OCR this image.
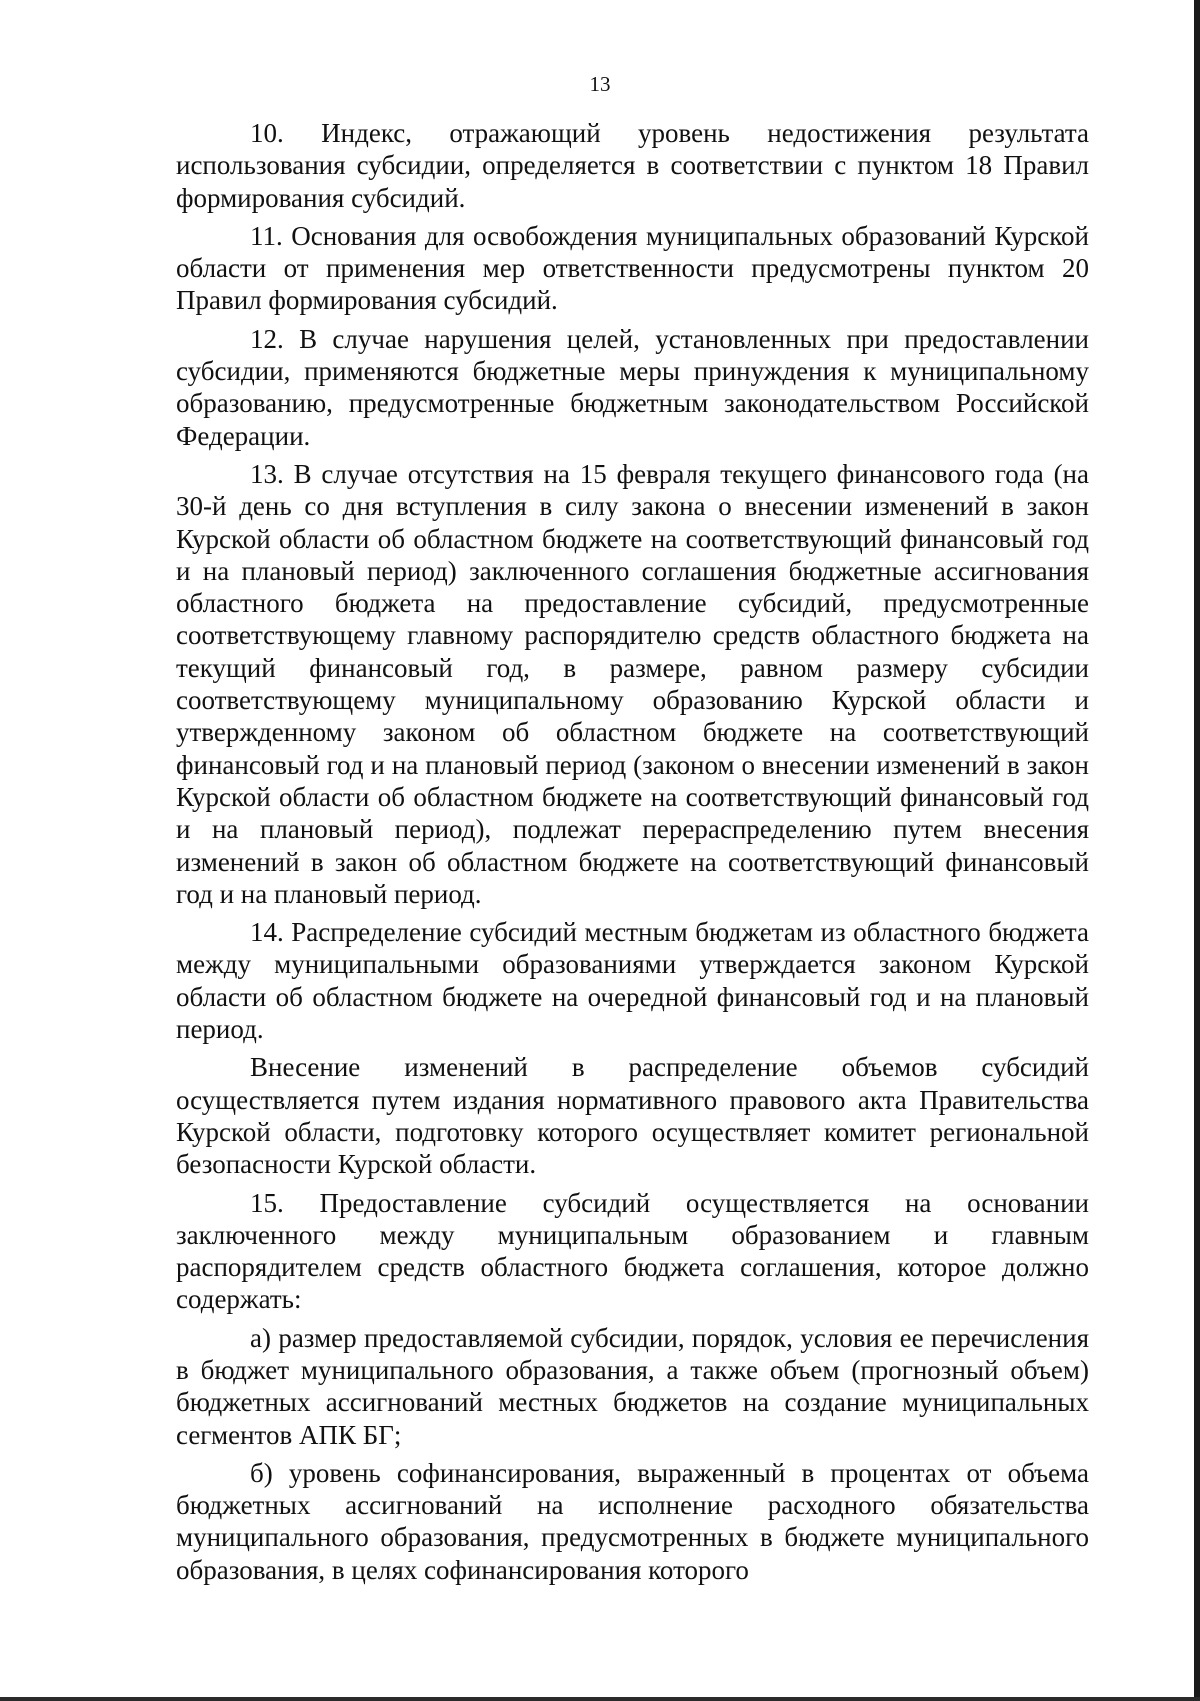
13

10. Индекс, отражающий уровень недостижения результата использования субсидии, определяется в соответствии с пунктом 18 Правил формирования субсидий.

11. Основания для освобождения муниципальных образований Курской области от применения мер ответственности предусмотрены пунктом 20 Правил формирования субсидий.

12. В случае нарушения целей, установленных при предоставлении субсидии, применяются бюджетные меры принуждения к муниципальному образованию, предусмотренные бюджетным законодательством Российской Федерации.

13. В случае отсутствия на 15 февраля текущего финансового года (на 30-й день со дня вступления в силу закона о внесении изменений в закон Курской области об областном бюджете на соответствующий финансовый год и на плановый период) заключенного соглашения бюджетные ассигнования областного бюджета на предоставление субсидий, предусмотренные соответствующему главному распорядителю средств областного бюджета на текущий финансовый год, в размере, равном размеру субсидии соответствующему муниципальному образованию Курской области и утвержденному законом об областном бюджете на соответствующий финансовый год и на плановый период (законом о внесении изменений в закон Курской области об областном бюджете на соответствующий финансовый год и на плановый период), подлежат перераспределению путем внесения изменений в закон об областном бюджете на соответствующий финансовый год и на плановый период.

14. Распределение субсидий местным бюджетам из областного бюджета между муниципальными образованиями утверждается законом Курской области об областном бюджете на очередной финансовый год и на плановый период.

Внесение изменений в распределение объемов субсидий осуществляется путем издания нормативного правового акта Правительства Курской области, подготовку которого осуществляет комитет региональной безопасности Курской области.

15. Предоставление субсидий осуществляется на основании заключенного между муниципальным образованием и главным распорядителем средств областного бюджета соглашения, которое должно содержать:

а) размер предоставляемой субсидии, порядок, условия ее перечисления в бюджет муниципального образования, а также объем (прогнозный объем) бюджетных ассигнований местных бюджетов на создание муниципальных сегментов АПК БГ;

б) уровень софинансирования, выраженный в процентах от объема бюджетных ассигнований на исполнение расходного обязательства муниципального образования, предусмотренных в бюджете муниципального образования, в целях софинансирования которого
